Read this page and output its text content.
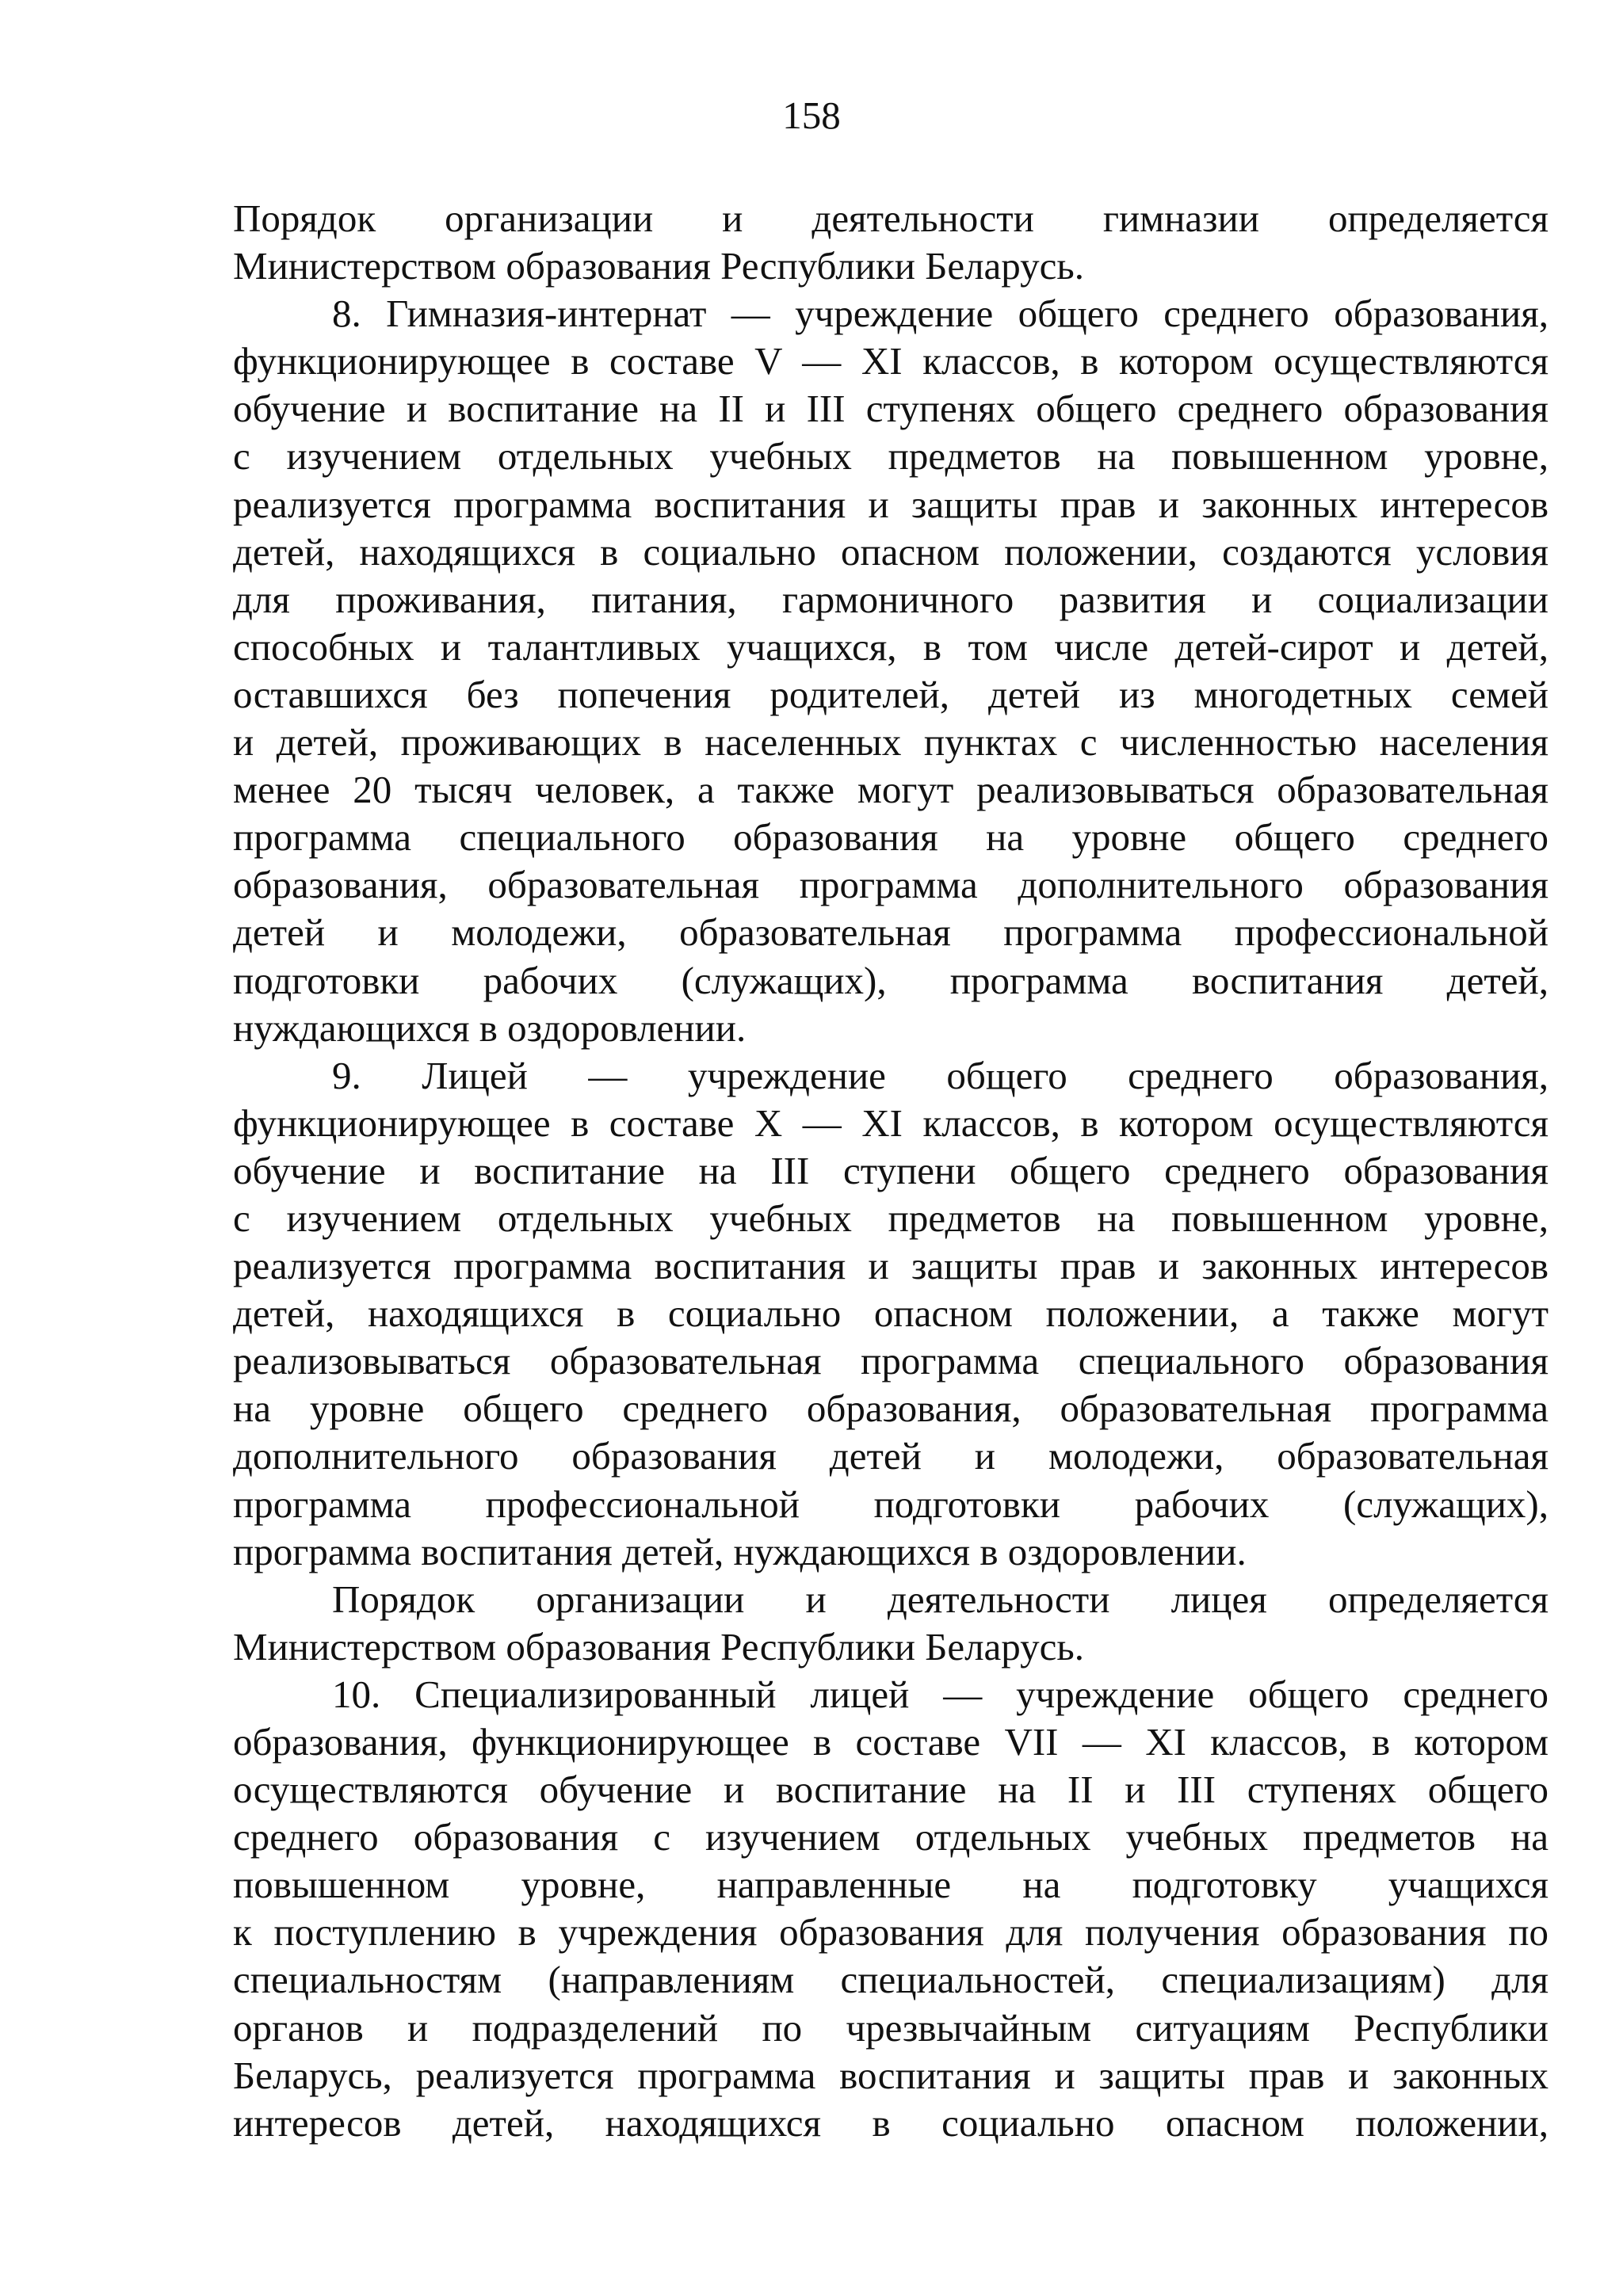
158
Порядок организации и деятельности гимназии определяется
Министерством образования Республики Беларусь.
8. Гимназия-интернат — учреждение общего среднего образования,
функционирующее в составе V — XI классов, в котором осуществляются
обучение и воспитание на II и III ступенях общего среднего образования
с изучением отдельных учебных предметов на повышенном уровне,
реализуется программа воспитания и защиты прав и законных интересов
детей, находящихся в социально опасном положении, создаются условия
для проживания, питания, гармоничного развития и социализации
способных и талантливых учащихся, в том числе детей-сирот и детей,
оставшихся без попечения родителей, детей из многодетных семей
и детей, проживающих в населенных пунктах с численностью населения
менее 20 тысяч человек, а также могут реализовываться образовательная
программа специального образования на уровне общего среднего
образования, образовательная программа дополнительного образования
детей и молодежи, образовательная программа профессиональной
подготовки рабочих (служащих), программа воспитания детей,
нуждающихся в оздоровлении.
9. Лицей — учреждение общего среднего образования,
функционирующее в составе X — XI классов, в котором осуществляются
обучение и воспитание на III ступени общего среднего образования
с изучением отдельных учебных предметов на повышенном уровне,
реализуется программа воспитания и защиты прав и законных интересов
детей, находящихся в социально опасном положении, а также могут
реализовываться образовательная программа специального образования
на уровне общего среднего образования, образовательная программа
дополнительного образования детей и молодежи, образовательная
программа профессиональной подготовки рабочих (служащих),
программа воспитания детей, нуждающихся в оздоровлении.
Порядок организации и деятельности лицея определяется
Министерством образования Республики Беларусь.
10. Специализированный лицей — учреждение общего среднего
образования, функционирующее в составе VII — XI классов, в котором
осуществляются обучение и воспитание на II и III ступенях общего
среднего образования с изучением отдельных учебных предметов на
повышенном уровне, направленные на подготовку учащихся
к поступлению в учреждения образования для получения образования по
специальностям (направлениям специальностей, специализациям) для
органов и подразделений по чрезвычайным ситуациям Республики
Беларусь, реализуется программа воспитания и защиты прав и законных
интересов детей, находящихся в социально опасном положении,
